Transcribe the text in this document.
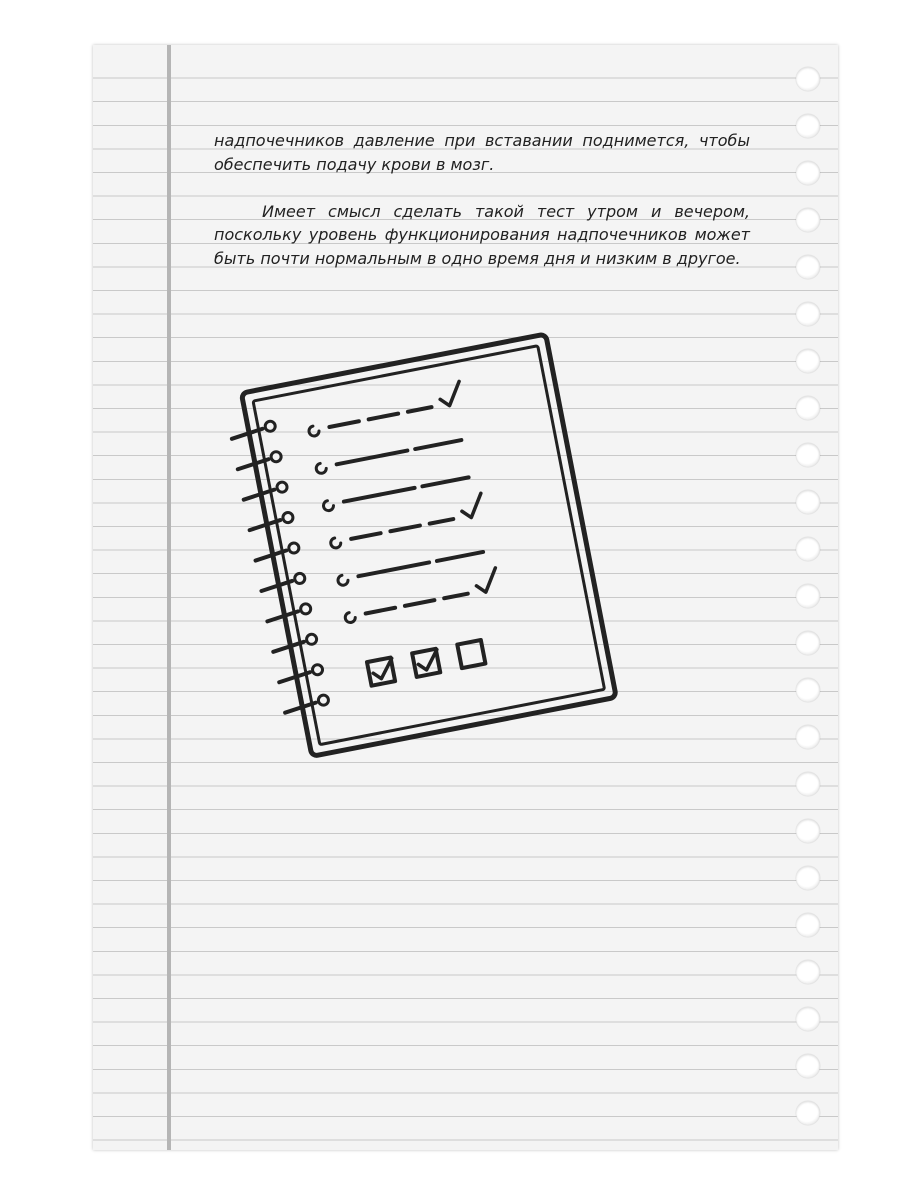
надпочечников давление при вставании поднимется, чтобы обеспечить подачу крови в мозг.

Имеет смысл сделать такой тест утром и вечером, поскольку уровень функционирования надпочечников может быть почти нормальным в одно время дня и низким в другое.
